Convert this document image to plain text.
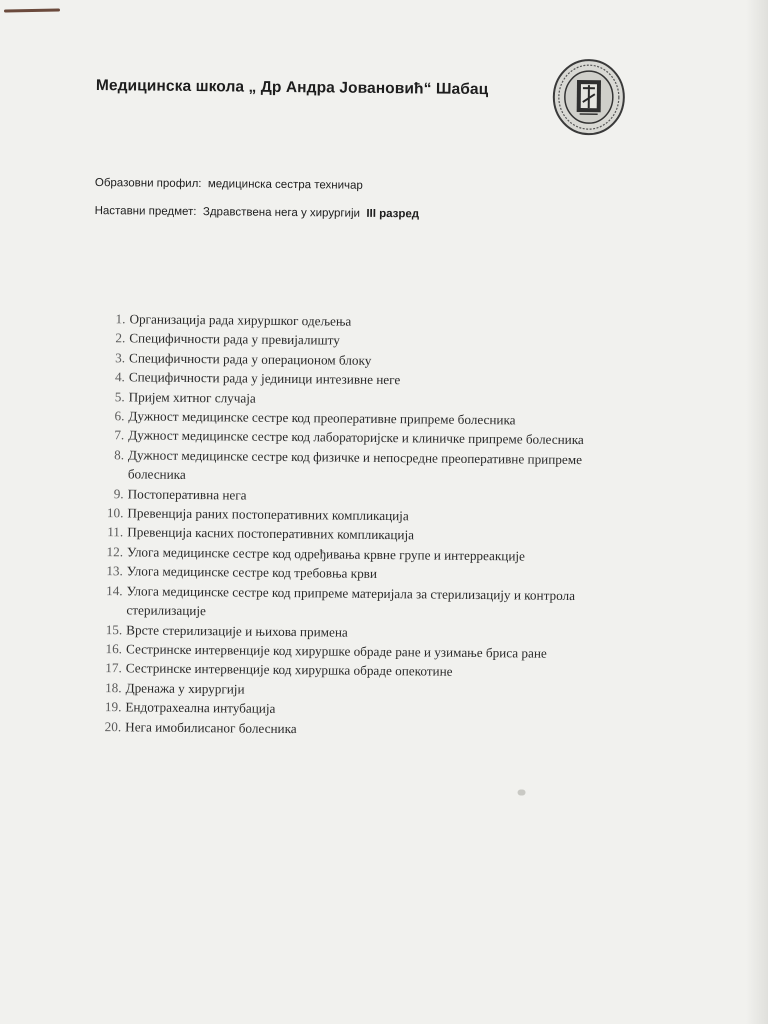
Медицинска школа „ Др Андра Јовановић“ Шабац
Образовни профил: медицинска сестра техничар
Наставни предмет: Здравствена нега у хирургији III разред
1. Организација рада хируршког одељења
2. Специфичности рада у превијалишту
3. Специфичности рада у операционом блоку
4. Специфичности рада у јединици интезивне неге
5. Пријем хитног случаја
6. Дужност медицинске сестре код преоперативне припреме болесника
7. Дужност медицинске сестре код лабораторијске и клиничке припреме болесника
8. Дужност медицинске сестре код физичке и непосредне преоперативне припреме болесника
9. Постоперативна нега
10. Превенција раних постоперативних компликација
11. Превенција касних постоперативних компликација
12. Улога медицинске сестре код одређивања крвне групе и интерреакције
13. Улога медицинске сестре код требовња крви
14. Улога медицинске сестре код припреме материјала за стерилизацију и контрола стерилизације
15. Врсте стерилизације и њихова примена
16. Сестринске интервенције код хируршке обраде ране и узимање бриса ране
17. Сестринске интервенције код хируршка обраде опекотине
18. Дренажа у хирургији
19. Ендотрахеална интубација
20. Нега имобилисаног болесника
